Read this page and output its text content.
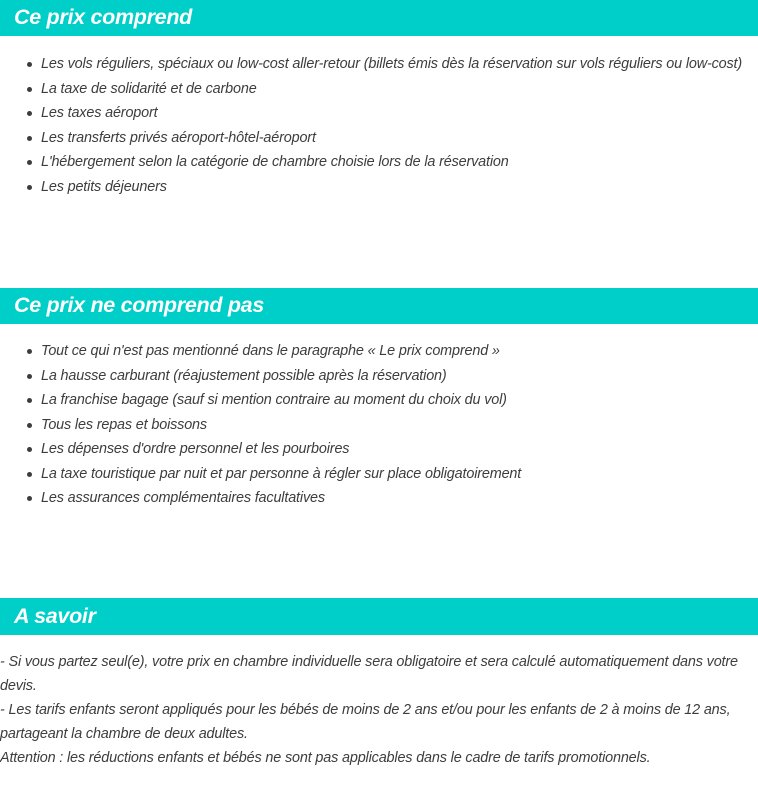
Ce prix comprend
Les vols réguliers, spéciaux ou low-cost aller-retour (billets émis dès la réservation sur vols réguliers ou low-cost)
La taxe de solidarité et de carbone
Les taxes aéroport
Les transferts privés aéroport-hôtel-aéroport
L'hébergement selon la catégorie de chambre choisie lors de la réservation
Les petits déjeuners
Ce prix ne comprend pas
Tout ce qui n'est pas mentionné dans le paragraphe « Le prix comprend »
La hausse carburant (réajustement possible après la réservation)
La franchise bagage (sauf si mention contraire au moment du choix du vol)
Tous les repas et boissons
Les dépenses d'ordre personnel et les pourboires
La taxe touristique par nuit et par personne à régler sur place obligatoirement
Les assurances complémentaires facultatives
A savoir

- Si vous partez seul(e), votre prix en chambre individuelle sera obligatoire et sera calculé automatiquement dans votre devis.

- Les tarifs enfants seront appliqués pour les bébés de moins de 2 ans et/ou pour les enfants de 2 à moins de 12 ans, partageant la chambre de deux adultes.

Attention : les réductions enfants et bébés ne sont pas applicables dans le cadre de tarifs promotionnels.
